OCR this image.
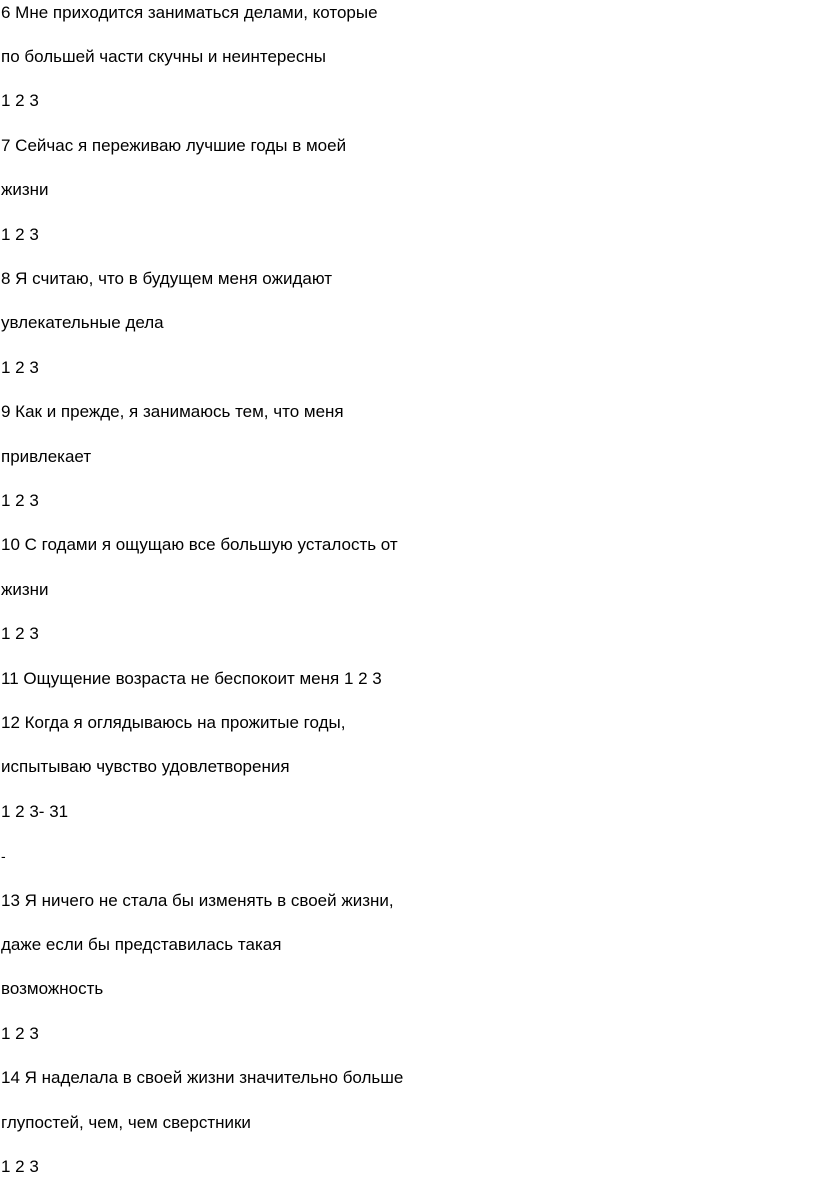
6 Мне приходится заниматься делами, которые
по большей части скучны и неинтересны
1 2 3
7 Сейчас я переживаю лучшие годы в моей
жизни
1 2 3
8 Я считаю, что в будущем меня ожидают
увлекательные дела
1 2 3
9 Как и прежде, я занимаюсь тем, что меня
привлекает
1 2 3
10 С годами я ощущаю все большую усталость от
жизни
1 2 3
11 Ощущение возраста не беспокоит меня 1 2 3
12 Когда я оглядываюсь на прожитые годы,
испытываю чувство удовлетворения
1 2 3- 31
-
13 Я ничего не стала бы изменять в своей жизни,
даже если бы представилась такая
возможность
1 2 3
14 Я наделала в своей жизни значительно больше
глупостей, чем, чем сверстники
1 2 3
